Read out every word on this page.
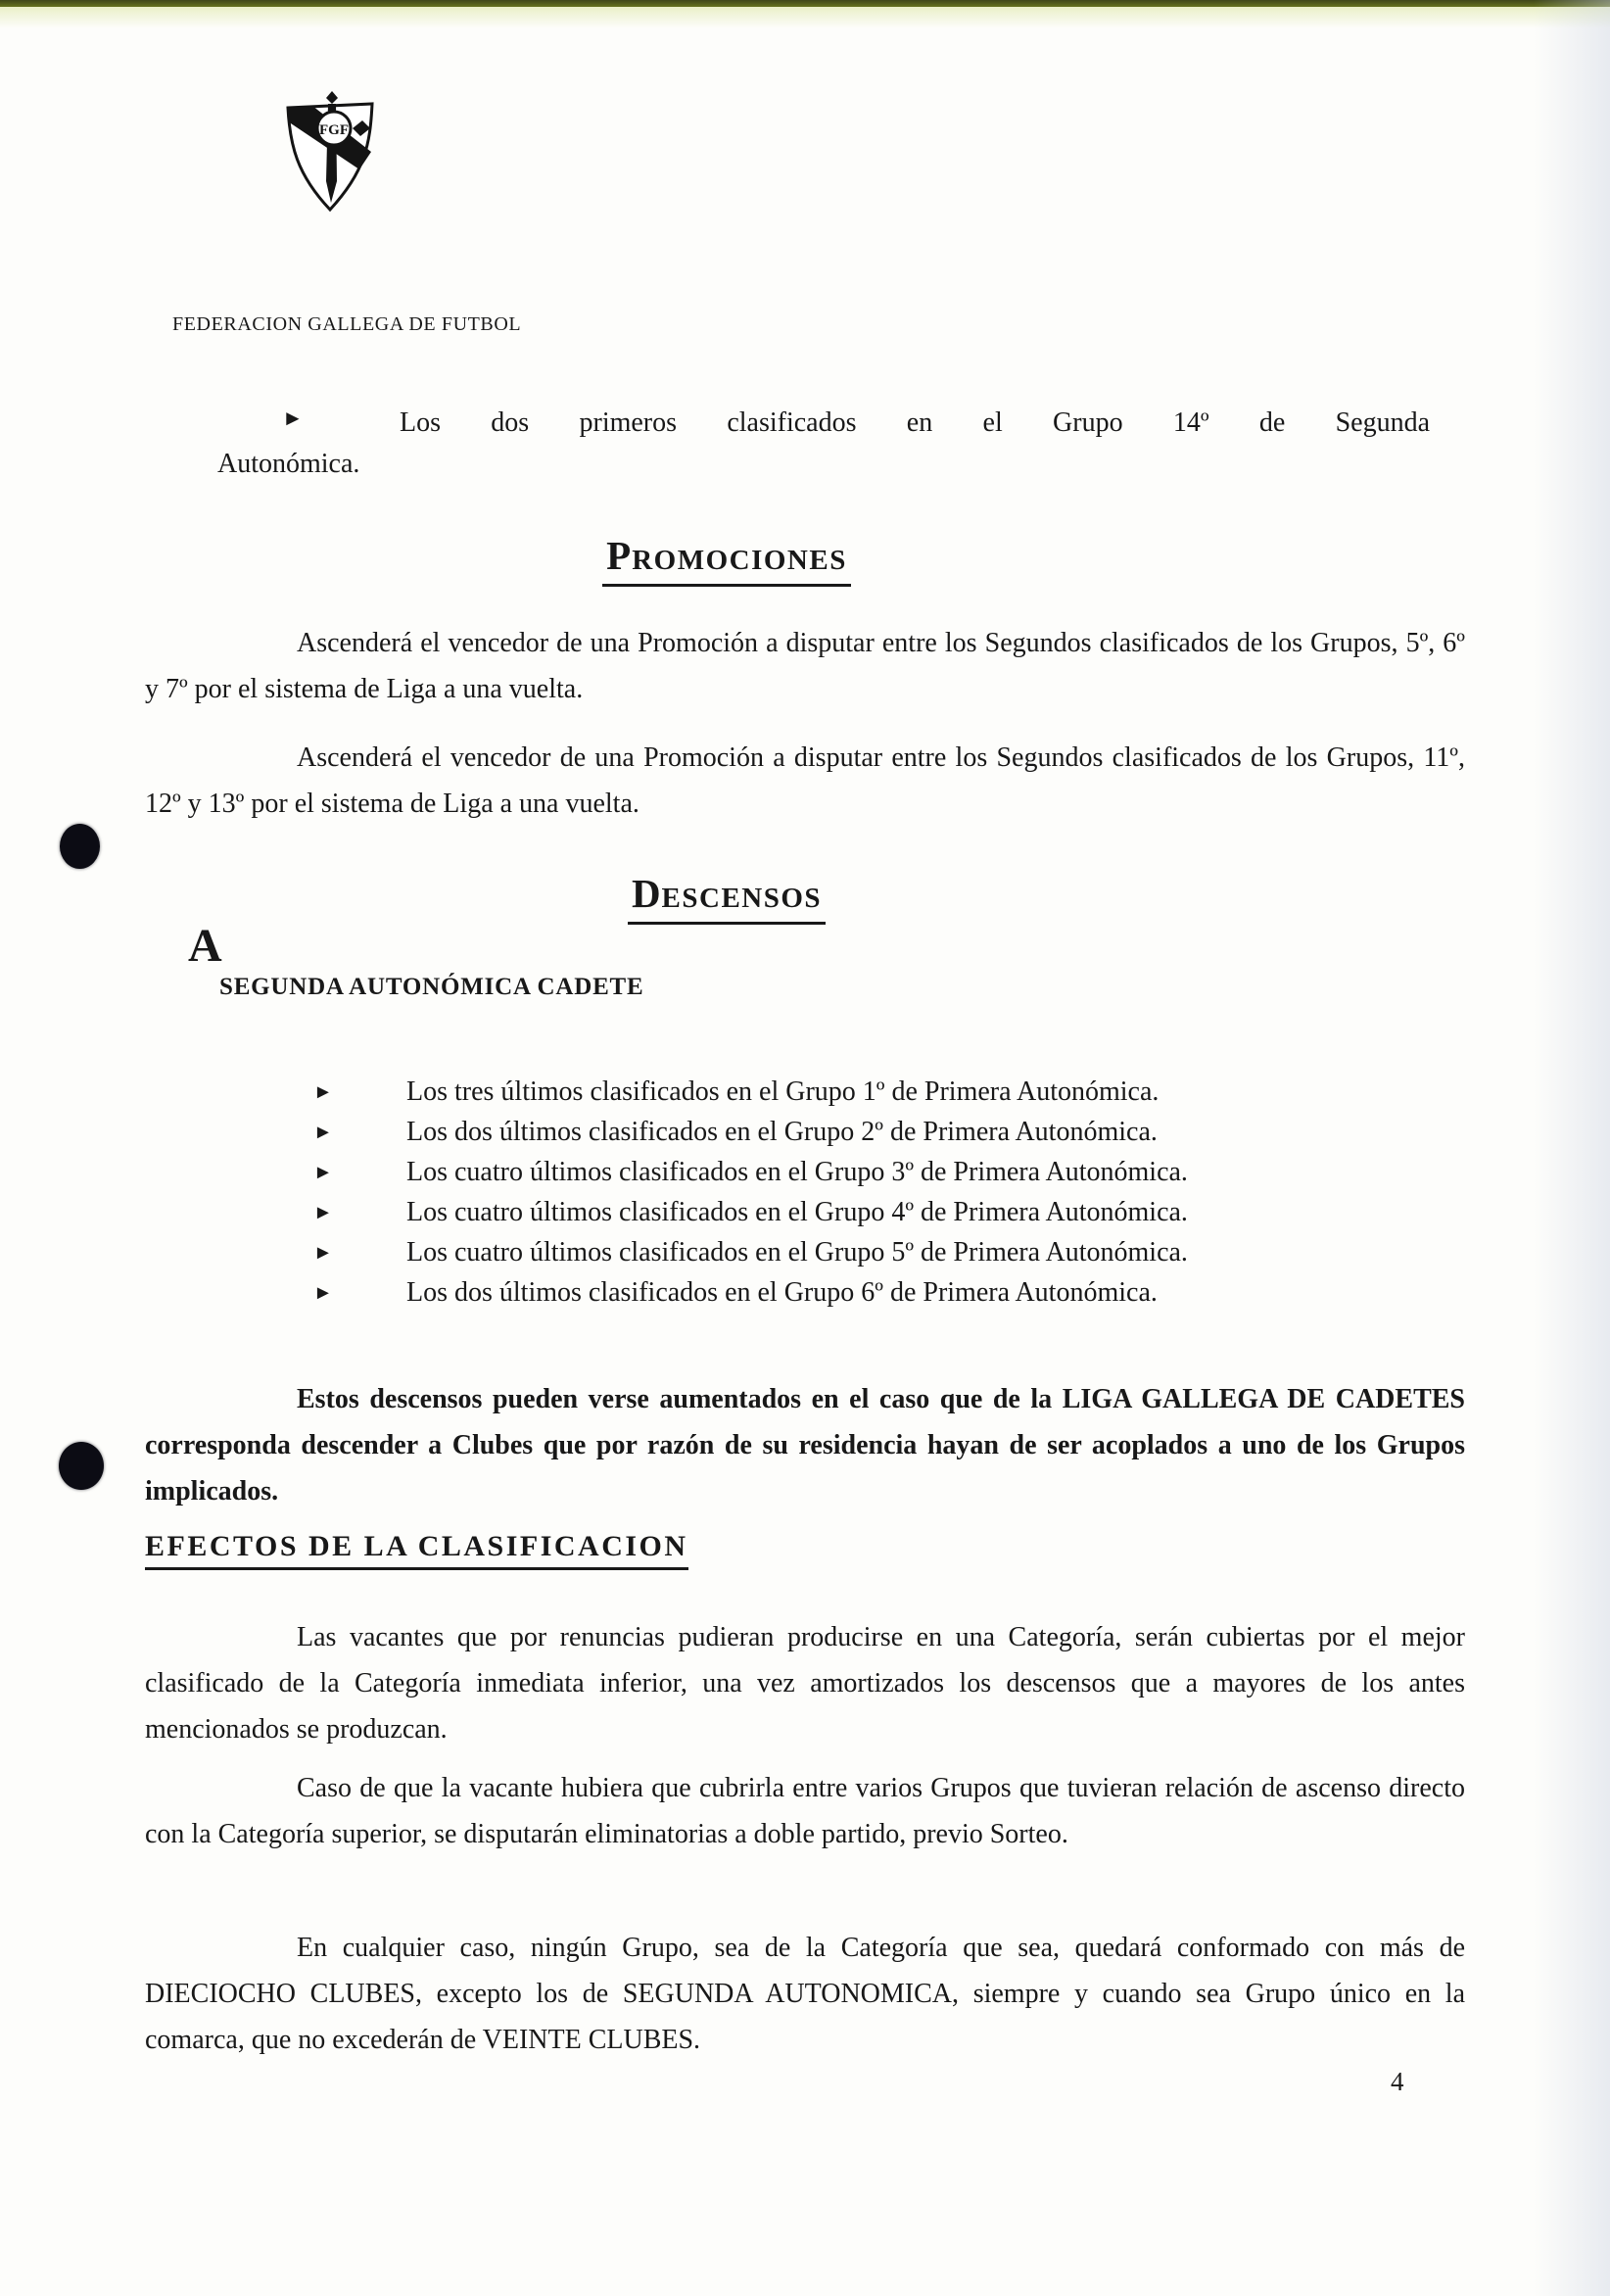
FGF
FEDERACION GALLEGA DE FUTBOL
►	Los dos primeros clasificados en el Grupo 14º de Segunda
Autonómica.
PROMOCIONES
Ascenderá el vencedor de una Promoción a disputar entre los Segundos clasificados de los Grupos, 5º, 6º y 7º por el sistema de Liga a una vuelta.
Ascenderá el vencedor de una Promoción a disputar entre los Segundos clasificados de los Grupos, 11º, 12º y 13º por el sistema de Liga a una vuelta.
DESCENSOS
A
SEGUNDA AUTONÓMICA CADETE
►	Los tres últimos clasificados en el Grupo 1º de Primera Autonómica.
►	Los dos últimos clasificados en el Grupo 2º de Primera Autonómica.
►	Los cuatro últimos clasificados en el Grupo 3º de Primera Autonómica.
►	Los cuatro últimos clasificados en el Grupo 4º de Primera Autonómica.
►	Los cuatro últimos clasificados en el Grupo 5º de Primera Autonómica.
►	Los dos últimos clasificados en el Grupo 6º de Primera Autonómica.
Estos descensos pueden verse aumentados en el caso que de la LIGA GALLEGA DE CADETES corresponda descender a Clubes que por razón de su residencia hayan de ser acoplados a uno de los Grupos implicados.
EFECTOS DE LA CLASIFICACION
Las vacantes que por renuncias pudieran producirse en una Categoría, serán cubiertas por el mejor clasificado de la Categoría inmediata inferior, una vez amortizados los descensos que a mayores de los antes mencionados se produzcan.
Caso de que la vacante hubiera que cubrirla entre varios Grupos que tuvieran relación de ascenso directo con la Categoría superior, se disputarán eliminatorias a doble partido, previo Sorteo.
En cualquier caso, ningún Grupo, sea de la Categoría que sea, quedará conformado con más de DIECIOCHO CLUBES, excepto los de SEGUNDA AUTONOMICA, siempre y cuando sea Grupo único en la comarca, que no excederán de VEINTE CLUBES.
4
